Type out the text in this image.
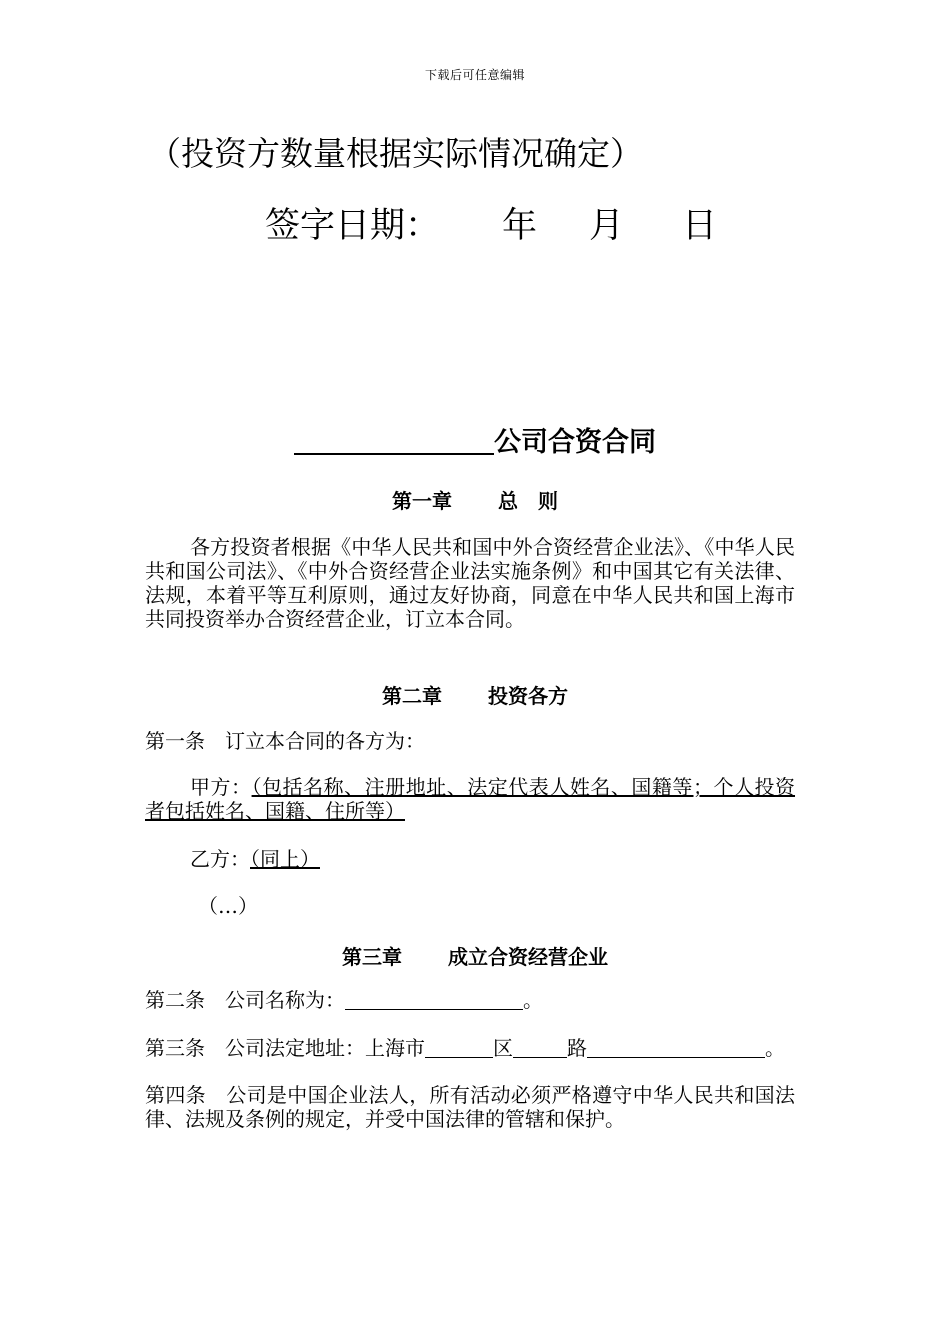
下载后可任意编辑
（投资方数量根据实际情况确定）
签字日期： 年 月 日
公司合资合同
第一章 总　则
各方投资者根据《中华人民共和国中外合资经营企业法》、《中华人民共和国公司法》、《中外合资经营企业法实施条例》和中国其它有关法律、法规，本着平等互利原则，通过友好协商，同意在中华人民共和国上海市共同投资举办合资经营企业，订立本合同。
第二章 投资各方
第一条　订立本合同的各方为：
甲方：（包括名称、注册地址、法定代表人姓名、国籍等；个人投资者包括姓名、国籍、住所等）
乙方：（同上）
（…）
第三章 成立合资经营企业
第二条　公司名称为：	。
第三条　公司法定地址：上海市	区	路	。
第四条　公司是中国企业法人，所有活动必须严格遵守中华人民共和国法律、法规及条例的规定，并受中国法律的管辖和保护。
